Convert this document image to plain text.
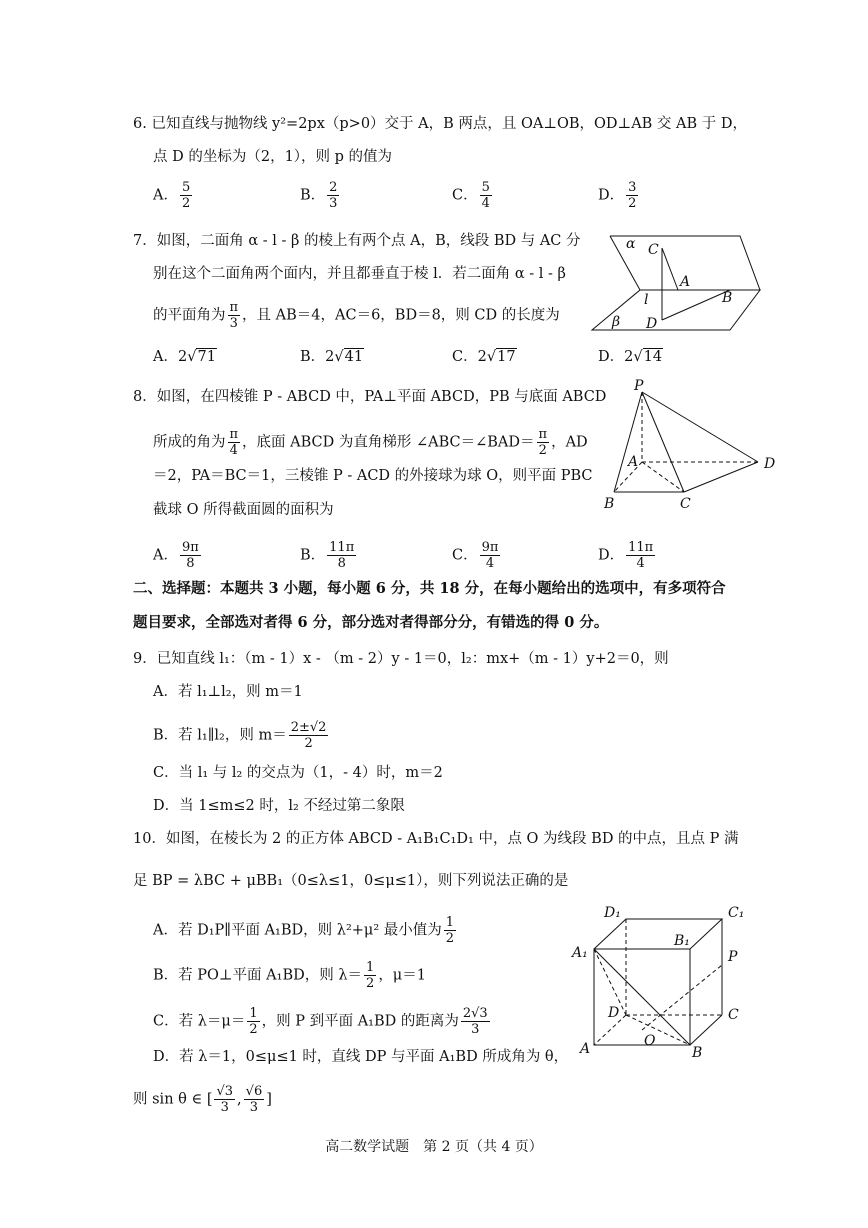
6. 已知直线与抛物线 y²=2px（p>0）交于 A，B 两点，且 OA⊥OB，OD⊥AB 交 AB 于 D，
点 D 的坐标为（2，1），则 p 的值为
A． $\frac{5}{2}$	B． $\frac{2}{3}$	C． $\frac{5}{4}$	D． $\frac{3}{2}$
7．如图，二面角 α - l - β 的棱上有两个点 A，B，线段 BD 与 AC 分
别在这个二面角两个面内，并且都垂直于棱 l．若二面角 α - l - β
的平面角为 $\frac{\pi}{3}$ ，且 AB＝4，AC＝6，BD＝8，则 CD 的长度为
A．2√71	B．2√41	C．2√17	D．2√14
α C
A
B
l
β D
8．如图，在四棱锥 P - ABCD 中，PA⊥平面 ABCD，PB 与底面 ABCD
所成的角为 $\frac{\pi}{4}$ ，底面 ABCD 为直角梯形 ∠ABC＝∠BAD＝ $\frac{\pi}{2}$ ，AD
＝2，PA＝BC＝1，三棱锥 P - ACD 的外接球为球 O，则平面 PBC
截球 O 所得截面圆的面积为
A． $\frac{9\pi}{8}$	B． $\frac{11\pi}{8}$	C． $\frac{9\pi}{4}$	D． $\frac{11\pi}{4}$
P
A	D
B	C
二、选择题：本题共 3 小题，每小题 6 分，共 18 分，在每小题给出的选项中，有多项符合
题目要求，全部选对者得 6 分，部分选对者得部分分，有错选的得 0 分。
9．已知直线 l₁：（m - 1）x - （m - 2）y - 1＝0，l₂：mx+（m - 1）y+2＝0，则
A．若 l₁⊥l₂，则 m＝1
B．若 l₁∥l₂，则 $m= \frac{2\pm√2}{2}$
C．当 l₁ 与 l₂ 的交点为（1，- 4）时，m＝2
D．当 1≤m≤2 时，l₂ 不经过第二象限
10．如图，在棱长为 2 的正方体 ABCD - A₁B₁C₁D₁ 中，点 O 为线段 BD 的中点，且点 P 满
足 BP = λBC + μBB₁（0≤λ≤1，0≤μ≤1），则下列说法正确的是
A．若 D₁P∥平面 A₁BD，则 λ²+μ² 最小值为 $\frac{1}{2}$
B．若 PO⊥平面 A₁BD，则 $\lambda= \frac{1}{2}$ ，μ＝1
C．若 $\lambda=\mu= \frac{1}{2}$ ，则 P 到平面 A₁BD 的距离为 $\frac{2√3}{3}$
D．若 λ＝1，0≤μ≤1 时，直线 DP 与平面 A₁BD 所成角为 θ，
则 sin θ ∈ [ $\frac{√3}{3}$ , $\frac{√6}{3}$ ]
D₁	C₁
B₁
A₁	P
D	C
O
A	B
高二数学试题　第 2 页（共 4 页）
